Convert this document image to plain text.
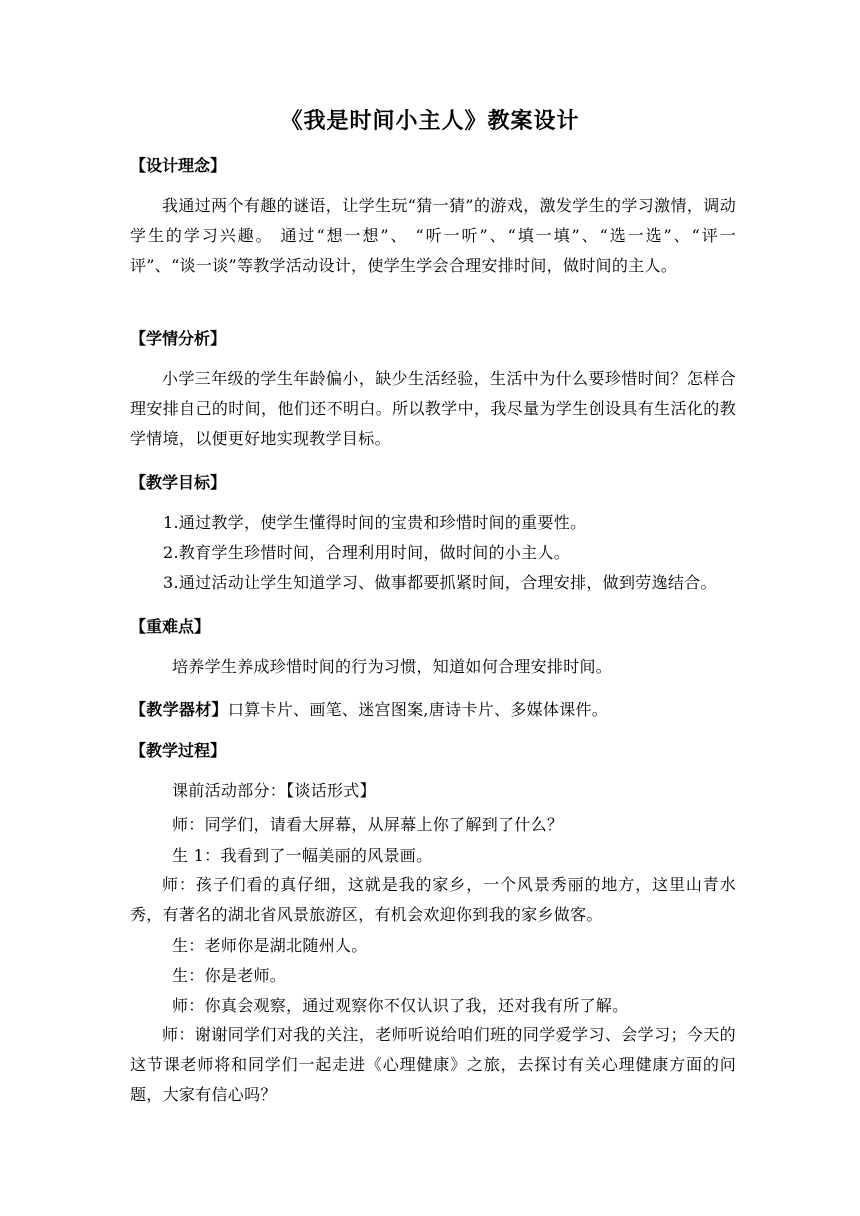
《我是时间小主人》教案设计
【设计理念】
我通过两个有趣的谜语，让学生玩“猜一猜”的游戏，激发学生的学习激情，调动学生的学习兴趣。 通过“想一想”、 “听一听”、“填一填”、“选一选”、“评一评”、“谈一谈”等教学活动设计，使学生学会合理安排时间，做时间的主人。
【学情分析】
小学三年级的学生年龄偏小，缺少生活经验，生活中为什么要珍惜时间？怎样合理安排自己的时间，他们还不明白。所以教学中，我尽量为学生创设具有生活化的教学情境，以便更好地实现教学目标。
【教学目标】
1.通过教学，使学生懂得时间的宝贵和珍惜时间的重要性。
2.教育学生珍惜时间，合理利用时间，做时间的小主人。
3.通过活动让学生知道学习、做事都要抓紧时间，合理安排，做到劳逸结合。
【重难点】
培养学生养成珍惜时间的行为习惯，知道如何合理安排时间。
【教学器材】口算卡片、画笔、迷宫图案,唐诗卡片、多媒体课件。
【教学过程】
课前活动部分：【谈话形式】
师：同学们，请看大屏幕，从屏幕上你了解到了什么？
生 1：我看到了一幅美丽的风景画。
师：孩子们看的真仔细，这就是我的家乡，一个风景秀丽的地方，这里山青水秀，有著名的湖北省风景旅游区，有机会欢迎你到我的家乡做客。
生：老师你是湖北随州人。
生：你是老师。
师：你真会观察，通过观察你不仅认识了我，还对我有所了解。
师：谢谢同学们对我的关注，老师听说给咱们班的同学爱学习、会学习；今天的这节课老师将和同学们一起走进《心理健康》之旅，去探讨有关心理健康方面的问题，大家有信心吗？
